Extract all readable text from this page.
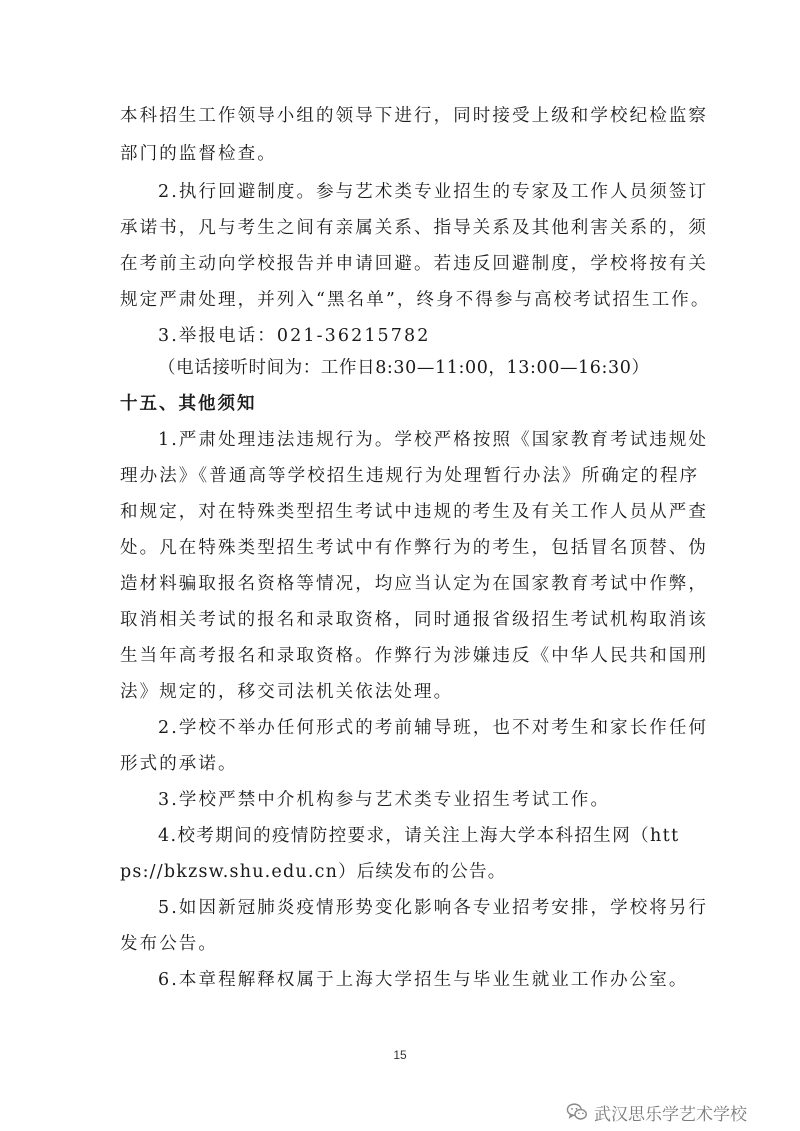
本科招生工作领导小组的领导下进行，同时接受上级和学校纪检监察
部门的监督检查。
2.执行回避制度。参与艺术类专业招生的专家及工作人员须签订
承诺书，凡与考生之间有亲属关系、指导关系及其他利害关系的，须
在考前主动向学校报告并申请回避。若违反回避制度，学校将按有关
规定严肃处理，并列入“黑名单”，终身不得参与高校考试招生工作。
3.举报电话：021-36215782
（电话接听时间为：工作日8:30—11:00，13:00—16:30）
十五、其他须知
1.严肃处理违法违规行为。学校严格按照《国家教育考试违规处
理办法》《普通高等学校招生违规行为处理暂行办法》所确定的程序
和规定，对在特殊类型招生考试中违规的考生及有关工作人员从严查
处。凡在特殊类型招生考试中有作弊行为的考生，包括冒名顶替、伪
造材料骗取报名资格等情况，均应当认定为在国家教育考试中作弊，
取消相关考试的报名和录取资格，同时通报省级招生考试机构取消该
生当年高考报名和录取资格。作弊行为涉嫌违反《中华人民共和国刑
法》规定的，移交司法机关依法处理。
2.学校不举办任何形式的考前辅导班，也不对考生和家长作任何
形式的承诺。
3.学校严禁中介机构参与艺术类专业招生考试工作。
4.校考期间的疫情防控要求，请关注上海大学本科招生网（htt
ps://bkzsw.shu.edu.cn）后续发布的公告。
5.如因新冠肺炎疫情形势变化影响各专业招考安排，学校将另行
发布公告。
6.本章程解释权属于上海大学招生与毕业生就业工作办公室。
15
武汉思乐学艺术学校
